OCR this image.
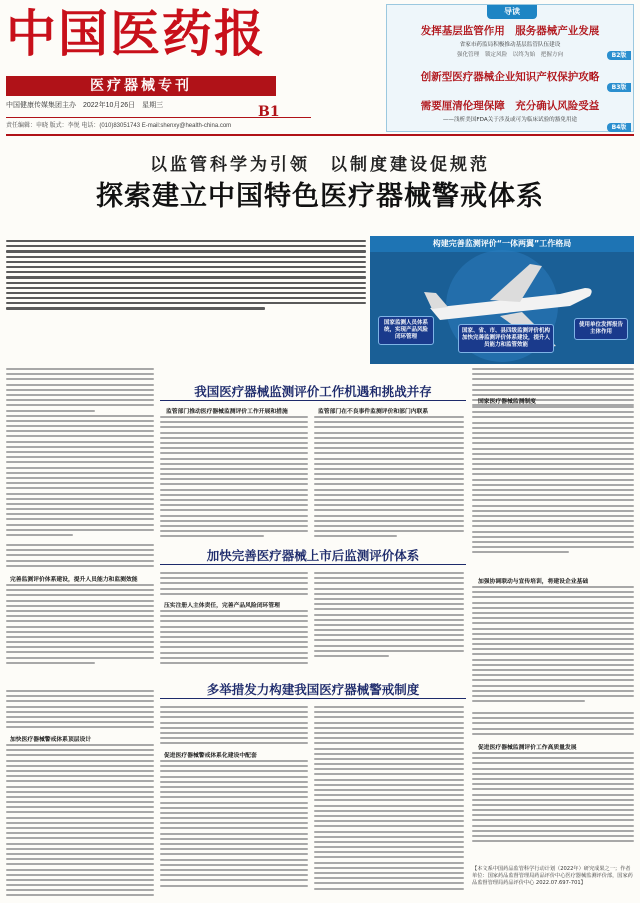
中国医药报
医疗器械专刊
B1
中国健康传媒集团主办　2022年10月26日　星期三
责任编辑：申晓 版式：李悦 电话：(010)83051743 E-mail:shenxy@health-china.com
导读
发挥基层监管作用　服务器械产业发展
省家市药监局积极推动基层监管队伍建设
强化管理　锁定风险　以终为始　把握方向	B2版
创新型医疗器械企业知识产权保护攻略
B3版
需要厘清伦理保障　充分确认风险受益
——浅析美国FDA关于涉及或可为临床试验的豁免用途
B4版
以监管科学为引领　以制度建设促规范
探索建立中国特色医疗器械警戒体系
构建完善监测评价“一体两翼”工作格局
国家监测人员体系统，实现产品风险闭环管理
国家、省、市、县四级监测评价机构加快完善监测评价体系建设，提升人员能力和监管效能
使用单位发挥报告主体作用
我国医疗器械监测评价工作机遇和挑战并存
监管部门推动医疗器械监测评价工作开展和措施	监管部门在不良事件监测评价和部门内联系
国家医疗器械监测制度
完善监测评价体系建设，提升人员能力和监测效能
加快完善医疗器械上市后监测评价体系
压实注册人主体责任，完善产品风险闭环管理
加强协调联动与宣传培训，将建设企业基础
加快医疗器械警戒体系顶层设计
多举措发力构建我国医疗器械警戒制度
促进医疗器械警戒体系化建设中配套
促进医疗器械监测评价工作高质量发展
【本文系中国药品监管科学行动计划（2022年）研究成果之一；作者单位：国家药品监督管理局药品评价中心医疗器械监测评价部，国家药品监督管理局药品评价中心 2022.07.697-701】
